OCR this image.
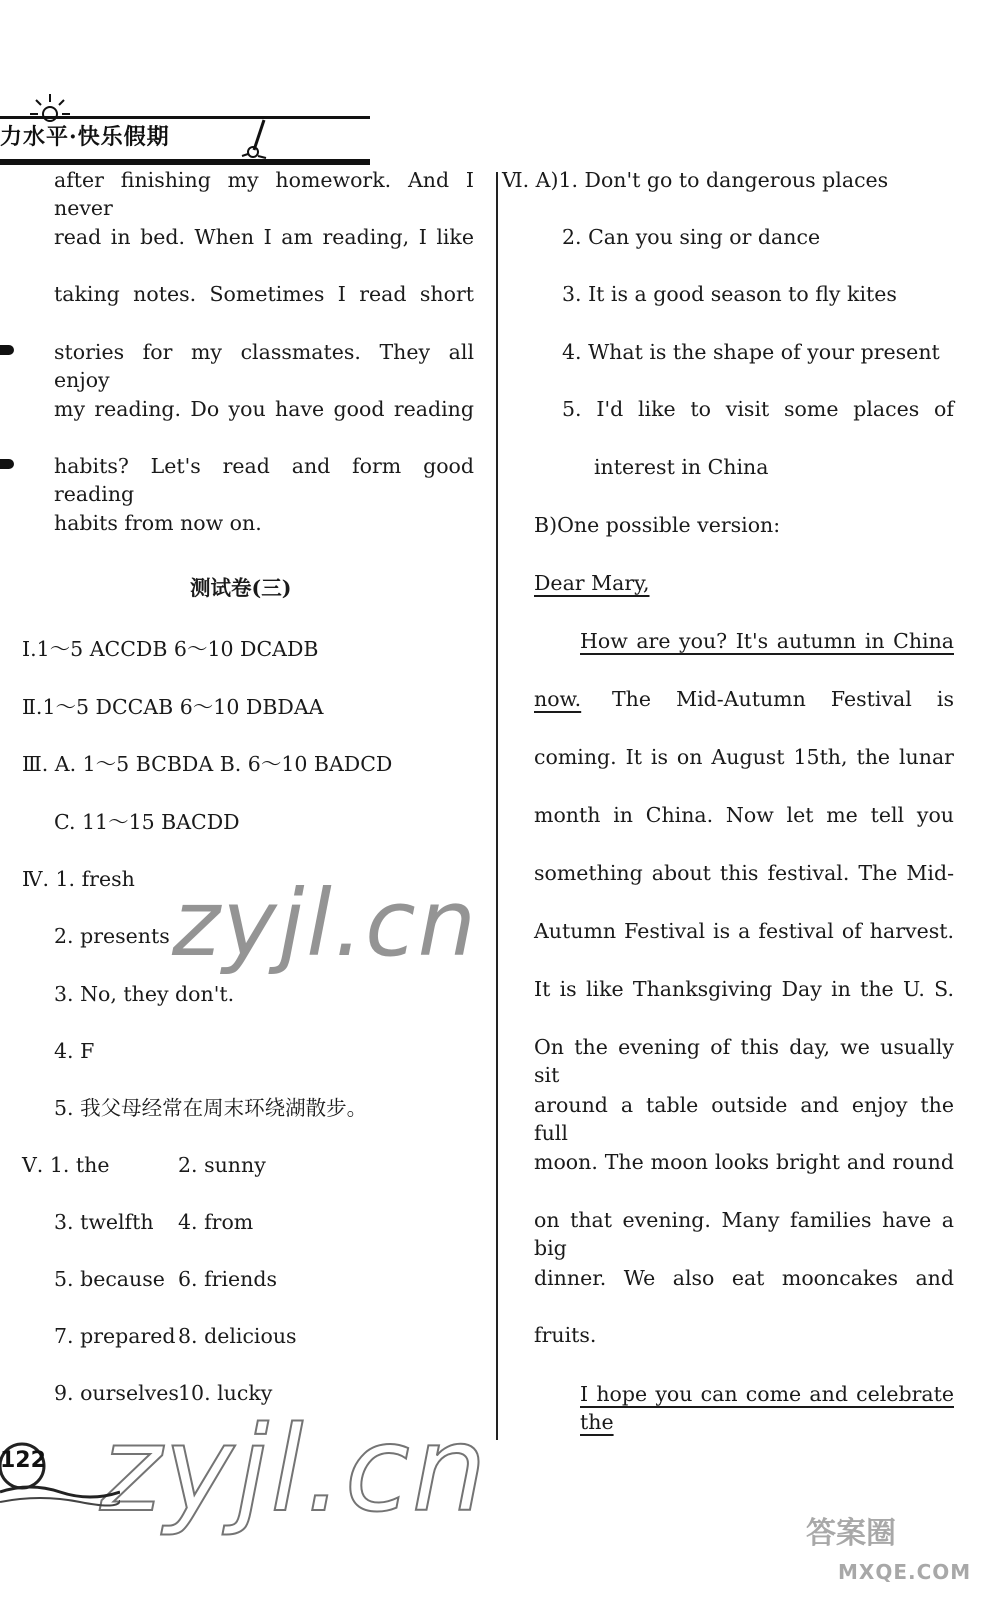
力水平·快乐假期
after finishing my homework. And I never
read in bed. When I am reading, I like
taking notes. Sometimes I read short
stories for my classmates. They all enjoy
my reading. Do you have good reading
habits? Let's read and form good reading
habits from now on.
测试卷(三)
Ⅰ.1～5 ACCDB 6～10 DCADB
Ⅱ.1～5 DCCAB 6～10 DBDAA
Ⅲ. A. 1～5 BCBDA B. 6～10 BADCD
C. 11～15 BACDD
Ⅳ. 1. fresh
2. presents
3. No, they don't.
4. F
5. 我父母经常在周末环绕湖散步。
Ⅴ. 1. the	2. sunny
3. twelfth 4. from
5. because 6. friends
7. prepared 8. delicious
9. ourselves 10. lucky
Ⅵ. A)1. Don't go to dangerous places
2. Can you sing or dance
3. It is a good season to fly kites
4. What is the shape of your present
5. I'd like to visit some places of
interest in China
B)One possible version:
Dear Mary,
How are you? It's autumn in China
now. The Mid-Autumn Festival is
coming. It is on August 15th, the lunar
month in China. Now let me tell you
something about this festival. The Mid-
Autumn Festival is a festival of harvest.
It is like Thanksgiving Day in the U. S.
On the evening of this day, we usually sit
around a table outside and enjoy the full
moon. The moon looks bright and round
on that evening. Many families have a big
dinner. We also eat mooncakes and
fruits.
I hope you can come and celebrate the
zyjl.cn
zyjl.cn
122
答案圈
MXQE.COM
